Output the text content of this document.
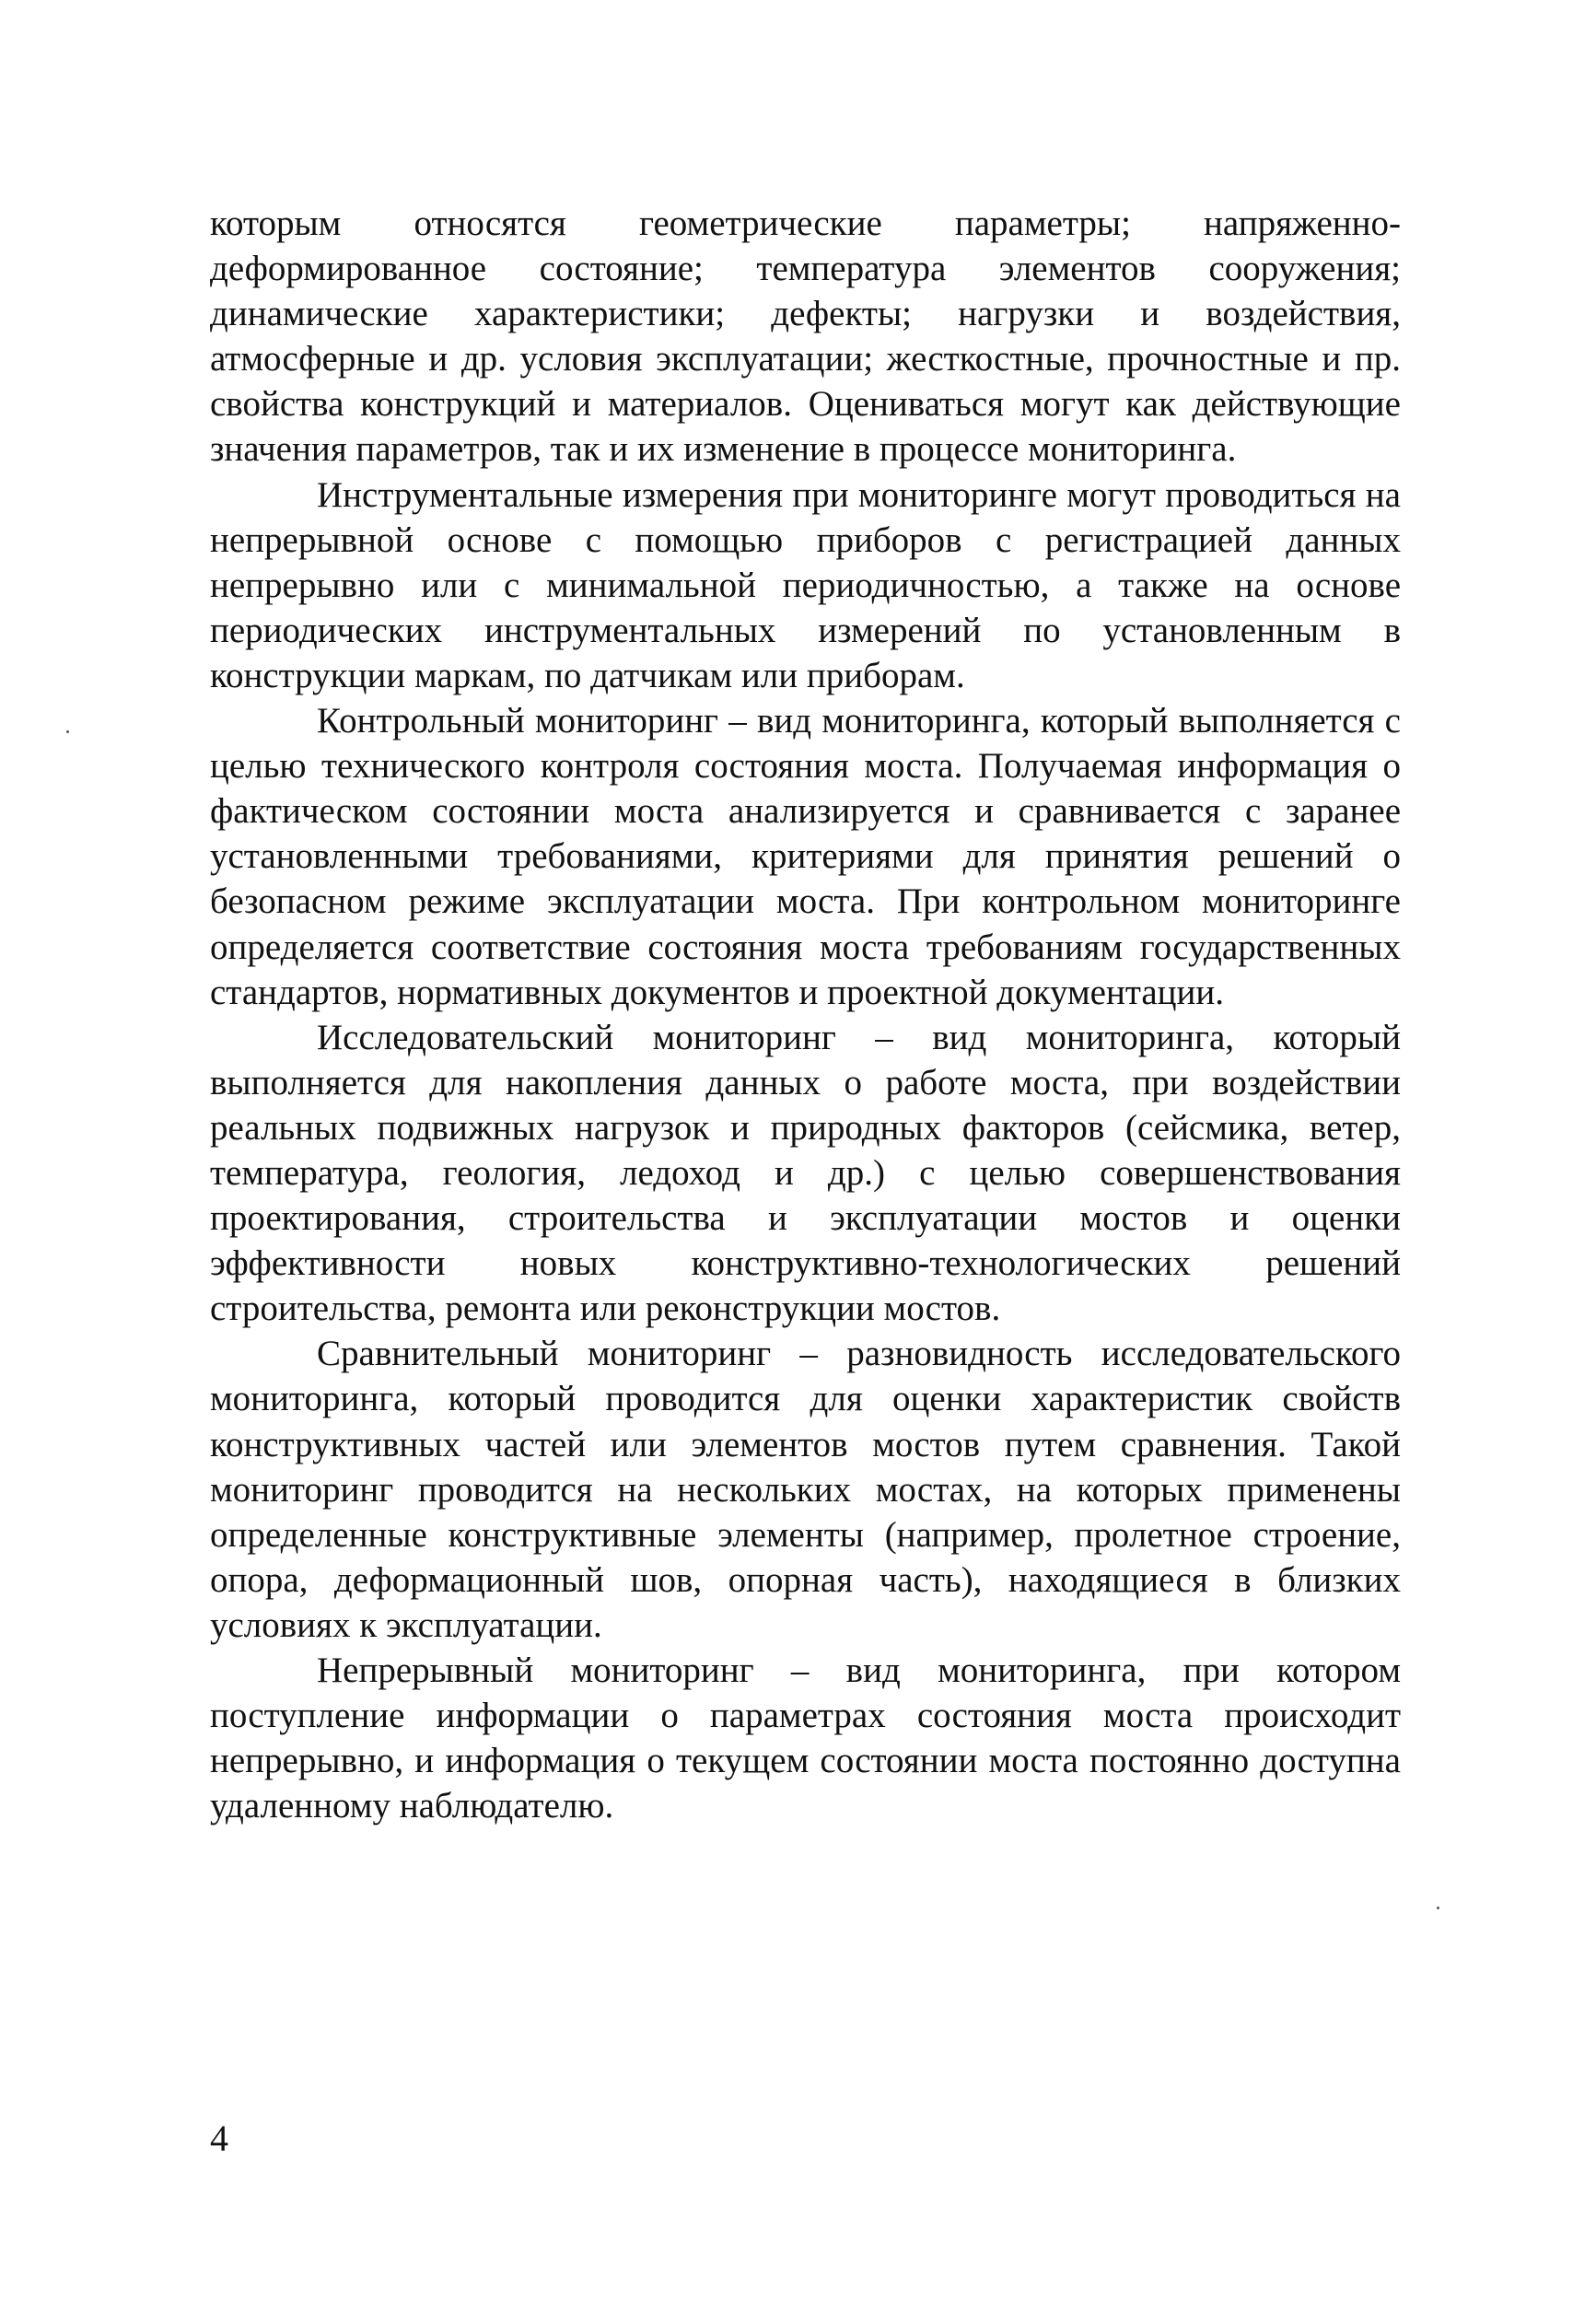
которым относятся геометрические параметры; напряженно-деформированное состояние; температура элементов сооружения; динамические характеристики; дефекты; нагрузки и воздействия, атмосферные и др. условия эксплуатации; жесткостные, прочностные и пр. свойства конструкций и материалов. Оцениваться могут как действующие значения параметров, так и их изменение в процессе мониторинга.

Инструментальные измерения при мониторинге могут проводиться на непрерывной основе с помощью приборов с регистрацией данных непрерывно или с минимальной периодичностью, а также на основе периодических инструментальных измерений по установленным в конструкции маркам, по датчикам или приборам.

Контрольный мониторинг – вид мониторинга, который выполняется с целью технического контроля состояния моста. Получаемая информация о фактическом состоянии моста анализируется и сравнивается с заранее установленными требованиями, критериями для принятия решений о безопасном режиме эксплуатации моста. При контрольном мониторинге определяется соответствие состояния моста требованиям государственных стандартов, нормативных документов и проектной документации.

Исследовательский мониторинг – вид мониторинга, который выполняется для накопления данных о работе моста, при воздействии реальных подвижных нагрузок и природных факторов (сейсмика, ветер, температура, геология, ледоход и др.) с целью совершенствования проектирования, строительства и эксплуатации мостов и оценки эффективности новых конструктивно-технологических решений строительства, ремонта или реконструкции мостов.

Сравнительный мониторинг – разновидность исследовательского мониторинга, который проводится для оценки характеристик свойств конструктивных частей или элементов мостов путем сравнения. Такой мониторинг проводится на нескольких мостах, на которых применены определенные конструктивные элементы (например, пролетное строение, опора, деформационный шов, опорная часть), находящиеся в близких условиях к эксплуатации.

Непрерывный мониторинг – вид мониторинга, при котором поступление информации о параметрах состояния моста происходит непрерывно, и информация о текущем состоянии моста постоянно доступна удаленному наблюдателю.

4
